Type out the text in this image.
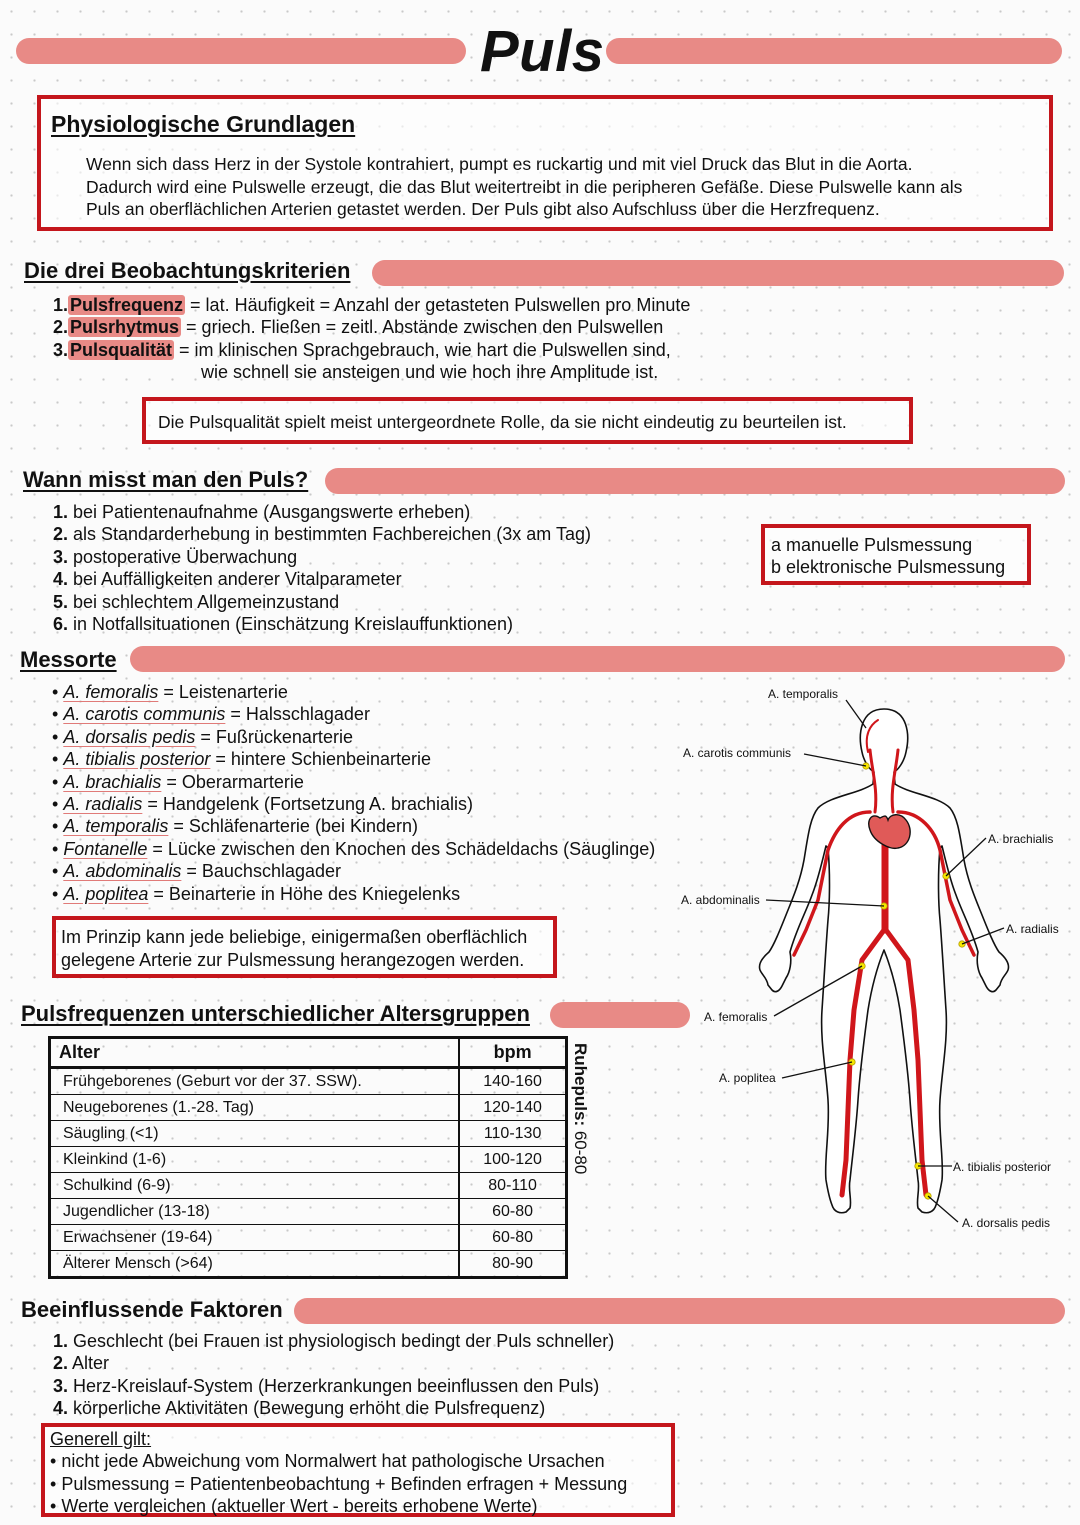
Puls
Physiologische Grundlagen
Wenn sich dass Herz in der Systole kontrahiert, pumpt es ruckartig und mit viel Druck das Blut in die Aorta.
Dadurch wird eine Pulswelle erzeugt, die das Blut weitertreibt in die peripheren Gefäße. Diese Pulswelle kann als
Puls an oberflächlichen Arterien getastet werden. Der Puls gibt also Aufschluss über die Herzfrequenz.
Die drei Beobachtungskriterien
1. Pulsfrequenz = lat. Häufigkeit = Anzahl der getasteten Pulswellen pro Minute
2. Pulsrhytmus = griech. Fließen = zeitl. Abstände zwischen den Pulswellen
3. Pulsqualität = im klinischen Sprachgebrauch, wie hart die Pulswellen sind,
wie schnell sie ansteigen und wie hoch ihre Amplitude ist.
Die Pulsqualität spielt meist untergeordnete Rolle, da sie nicht eindeutig zu beurteilen ist.
Wann misst man den Puls?
1. bei Patientenaufnahme (Ausgangswerte erheben)
2. als Standarderhebung in bestimmten Fachbereichen (3x am Tag)
3. postoperative Überwachung
4. bei Auffälligkeiten anderer Vitalparameter
5. bei schlechtem Allgemeinzustand
6. in Notfallsituationen (Einschätzung Kreislauffunktionen)
a manuelle Pulsmessung
b elektronische Pulsmessung
Messorte
• A. femoralis = Leistenarterie
• A. carotis communis = Halsschlagader
• A. dorsalis pedis = Fußrückenarterie
• A. tibialis posterior = hintere Schienbeinarterie
• A. brachialis = Oberarmarterie
• A. radialis = Handgelenk (Fortsetzung A. brachialis)
• A. temporalis = Schläfenarterie (bei Kindern)
• Fontanelle = Lücke zwischen den Knochen des Schädeldachs (Säuglinge)
• A. abdominalis = Bauchschlagader
• A. poplitea = Beinarterie in Höhe des Kniegelenks
Im Prinzip kann jede beliebige, einigermaßen oberflächlich
gelegene Arterie zur Pulsmessung herangezogen werden.
A. temporalis
A. carotis communis
A. brachialis
A. abdominalis
A. radialis
A. femoralis
A. poplitea
A. tibialis posterior
A. dorsalis pedis
Pulsfrequenzen unterschiedlicher Altersgruppen
Alter	bpm
Frühgeborenes (Geburt vor der 37. SSW).	140-160
Neugeborenes (1.-28. Tag)	120-140
Säugling (<1)	110-130
Kleinkind (1-6)	100-120
Schulkind (6-9)	80-110
Jugendlicher (13-18)	60-80
Erwachsener (19-64)	60-80
Älterer Mensch (>64)	80-90
Ruhepuls: 60-80
Beeinflussende Faktoren
1. Geschlecht (bei Frauen ist physiologisch bedingt der Puls schneller)
2. Alter
3. Herz-Kreislauf-System (Herzerkrankungen beeinflussen den Puls)
4. körperliche Aktivitäten (Bewegung erhöht die Pulsfrequenz)
Generell gilt:
• nicht jede Abweichung vom Normalwert hat pathologische Ursachen
• Pulsmessung = Patientenbeobachtung + Befinden erfragen + Messung
• Werte vergleichen (aktueller Wert - bereits erhobene Werte)
